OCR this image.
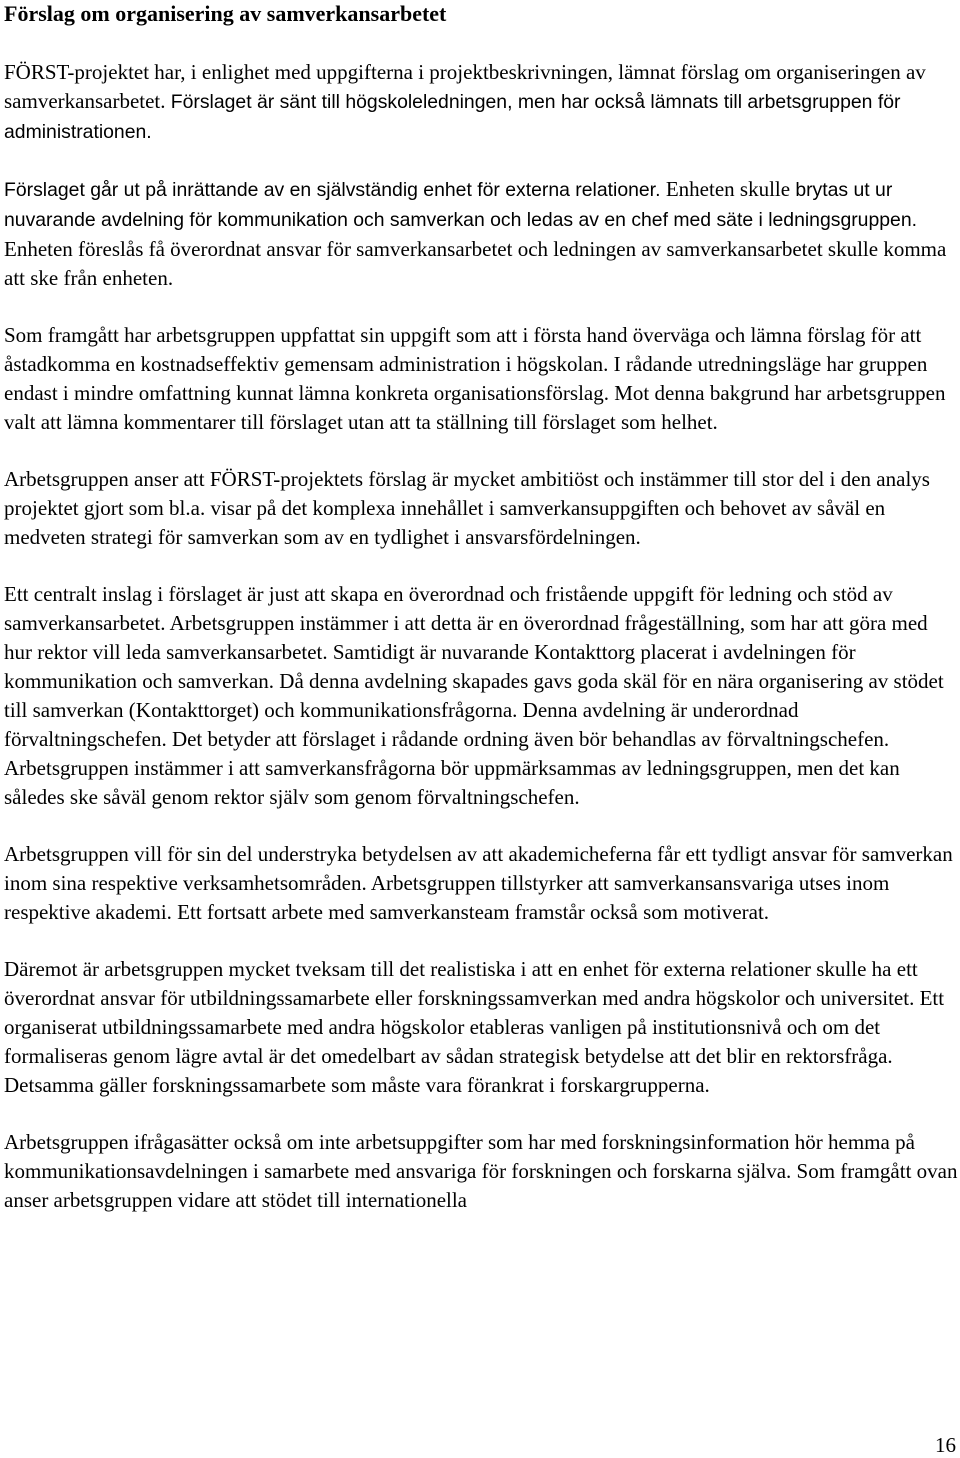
Förslag om organisering av samverkansarbetet

FÖRST-projektet har, i enlighet med uppgifterna i projektbeskrivningen, lämnat förslag om organiseringen av samverkansarbetet. Förslaget är sänt till högskoleledningen, men har också lämnats till arbetsgruppen för administrationen.

Förslaget går ut på inrättande av en självständig enhet för externa relationer. Enheten skulle brytas ut ur nuvarande avdelning för kommunikation och samverkan och ledas av en chef med säte i ledningsgruppen. Enheten föreslås få överordnat ansvar för samverkansarbetet och ledningen av samverkansarbetet skulle komma att ske från enheten.

Som framgått har arbetsgruppen uppfattat sin uppgift som att i första hand överväga och lämna förslag för att åstadkomma en kostnadseffektiv gemensam administration i högskolan. I rådande utredningsläge har gruppen endast i mindre omfattning kunnat lämna konkreta organisationsförslag. Mot denna bakgrund har arbetsgruppen valt att lämna kommentarer till förslaget utan att ta ställning till förslaget som helhet.

Arbetsgruppen anser att FÖRST-projektets förslag är mycket ambitiöst och instämmer till stor del i den analys projektet gjort som bl.a. visar på det komplexa innehållet i samverkansuppgiften och behovet av såväl en medveten strategi för samverkan som av en tydlighet i ansvarsfördelningen.

Ett centralt inslag i förslaget är just att skapa en överordnad och fristående uppgift för ledning och stöd av samverkansarbetet. Arbetsgruppen instämmer i att detta är en överordnad frågeställning, som har att göra med hur rektor vill leda samverkansarbetet. Samtidigt är nuvarande Kontakttorg placerat i avdelningen för kommunikation och samverkan. Då denna avdelning skapades gavs goda skäl för en nära organisering av stödet till samverkan (Kontakttorget) och kommunikationsfrågorna. Denna avdelning är underordnad förvaltningschefen. Det betyder att förslaget i rådande ordning även bör behandlas av förvaltningschefen. Arbetsgruppen instämmer i att samverkansfrågorna bör uppmärksammas av ledningsgruppen, men det kan således ske såväl genom rektor själv som genom förvaltningschefen.

Arbetsgruppen vill för sin del understryka betydelsen av att akademicheferna får ett tydligt ansvar för samverkan inom sina respektive verksamhetsområden. Arbetsgruppen tillstyrker att samverkansansvariga utses inom respektive akademi. Ett fortsatt arbete med samverkansteam framstår också som motiverat.

Däremot är arbetsgruppen mycket tveksam till det realistiska i att en enhet för externa relationer skulle ha ett överordnat ansvar för utbildningssamarbete eller forskningssamverkan med andra högskolor och universitet. Ett organiserat utbildningssamarbete med andra högskolor etableras vanligen på institutionsnivå och om det formaliseras genom lägre avtal är det omedelbart av sådan strategisk betydelse att det blir en rektorsfråga. Detsamma gäller forskningssamarbete som måste vara förankrat i forskargrupperna.

Arbetsgruppen ifrågasätter också om inte arbetsuppgifter som har med forskningsinformation hör hemma på kommunikationsavdelningen i samarbete med ansvariga för forskningen och forskarna själva. Som framgått ovan anser arbetsgruppen vidare att stödet till internationella

16
